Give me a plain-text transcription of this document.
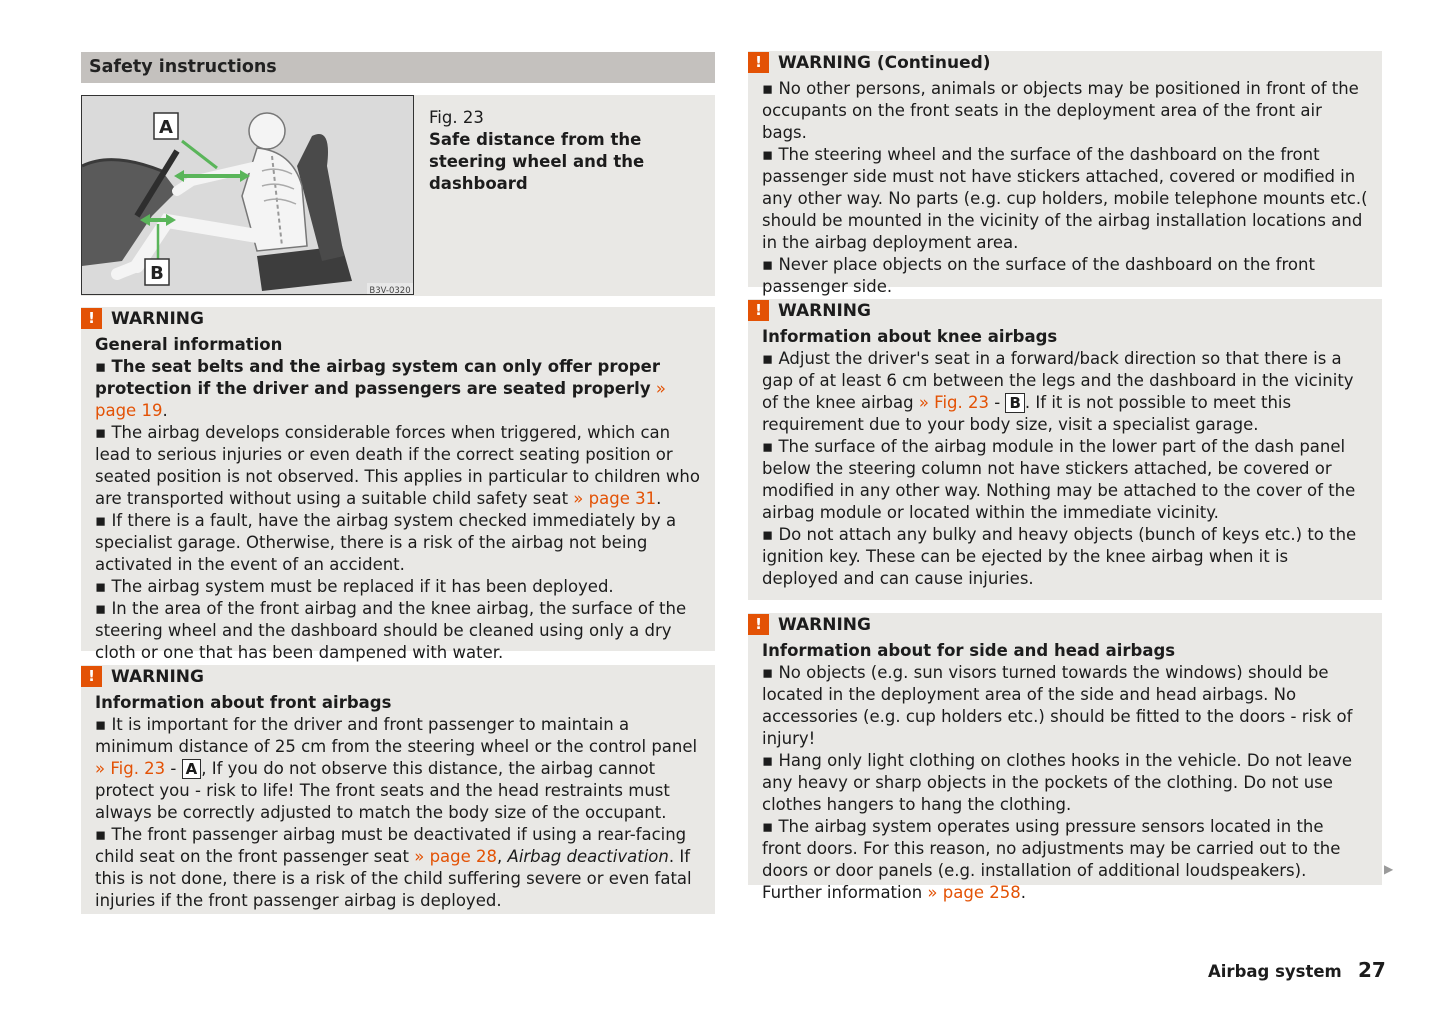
Safety instructions
A
B
B3V-0320
Fig. 23
Safe distance from the steering wheel and the dashboard
! WARNING
General information

▪ The seat belts and the airbag system can only offer proper protection if the driver and passengers are seated properly » page 19.

▪ The airbag develops considerable forces when triggered, which can lead to serious injuries or even death if the correct seating position or seated position is not observed. This applies in particular to children who are transported without using a suitable child safety seat » page 31.

▪ If there is a fault, have the airbag system checked immediately by a specialist garage. Otherwise, there is a risk of the airbag not being activated in the event of an accident.

▪ The airbag system must be replaced if it has been deployed.

▪ In the area of the front airbag and the knee airbag, the surface of the steering wheel and the dashboard should be cleaned using only a dry cloth or one that has been dampened with water.

! WARNING
Information about front airbags

▪ It is important for the driver and front passenger to maintain a minimum distance of 25 cm from the steering wheel or the control panel » Fig. 23 - A , If you do not observe this distance, the airbag cannot protect you - risk to life! The front seats and the head restraints must always be correctly adjusted to match the body size of the occupant.

▪ The front passenger airbag must be deactivated if using a rear-facing child seat on the front passenger seat » page 28, Airbag deactivation. If this is not done, there is a risk of the child suffering severe or even fatal injuries if the front passenger airbag is deployed.

! WARNING (Continued)

▪ No other persons, animals or objects may be positioned in front of the occupants on the front seats in the deployment area of the front air bags.

▪ The steering wheel and the surface of the dashboard on the front passenger side must not have stickers attached, covered or modified in any other way. No parts (e.g. cup holders, mobile telephone mounts etc.( should be mounted in the vicinity of the airbag installation locations and in the airbag deployment area.

▪ Never place objects on the surface of the dashboard on the front passenger side.

! WARNING
Information about knee airbags

▪ Adjust the driver's seat in a forward/back direction so that there is a gap of at least 6 cm between the legs and the dashboard in the vicinity of the knee airbag » Fig. 23 - B . If it is not possible to meet this requirement due to your body size, visit a specialist garage.

▪ The surface of the airbag module in the lower part of the dash panel below the steering column not have stickers attached, be covered or modified in any other way. Nothing may be attached to the cover of the airbag module or located within the immediate vicinity.

▪ Do not attach any bulky and heavy objects (bunch of keys etc.) to the ignition key. These can be ejected by the knee airbag when it is deployed and can cause injuries.

! WARNING
Information about for side and head airbags

▪ No objects (e.g. sun visors turned towards the windows) should be located in the deployment area of the side and head airbags. No accessories (e.g. cup holders etc.) should be fitted to the doors - risk of injury!

▪ Hang only light clothing on clothes hooks in the vehicle. Do not leave any heavy or sharp objects in the pockets of the clothing. Do not use clothes hangers to hang the clothing.

▪ The airbag system operates using pressure sensors located in the front doors. For this reason, no adjustments may be carried out to the doors or door panels (e.g. installation of additional loudspeakers). Further information » page 258.

▶
Airbag system 27
